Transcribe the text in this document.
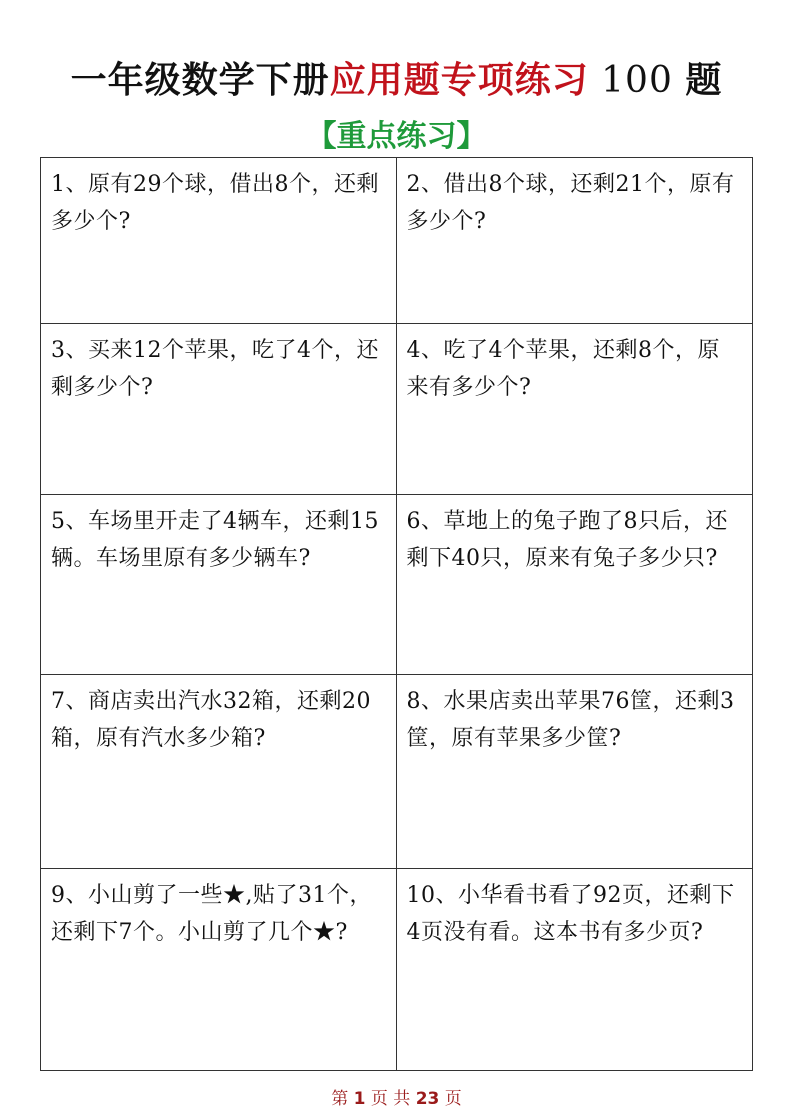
一年级数学下册应用题专项练习 100 题
【重点练习】
1、原有29个球，借出8个，还剩多少个?
2、借出8个球，还剩21个，原有多少个?
3、买来12个苹果，吃了4个，还剩多少个?
4、吃了4个苹果，还剩8个，原来有多少个?
5、车场里开走了4辆车，还剩15辆。车场里原有多少辆车?
6、草地上的兔子跑了8只后，还剩下40只，原来有兔子多少只?
7、商店卖出汽水32箱，还剩20箱，原有汽水多少箱?
8、水果店卖出苹果76筐，还剩3筐，原有苹果多少筐?
9、小山剪了一些★,贴了31个，还剩下7个。小山剪了几个★?
10、小华看书看了92页，还剩下4页没有看。这本书有多少页?
第 1 页 共 23 页
